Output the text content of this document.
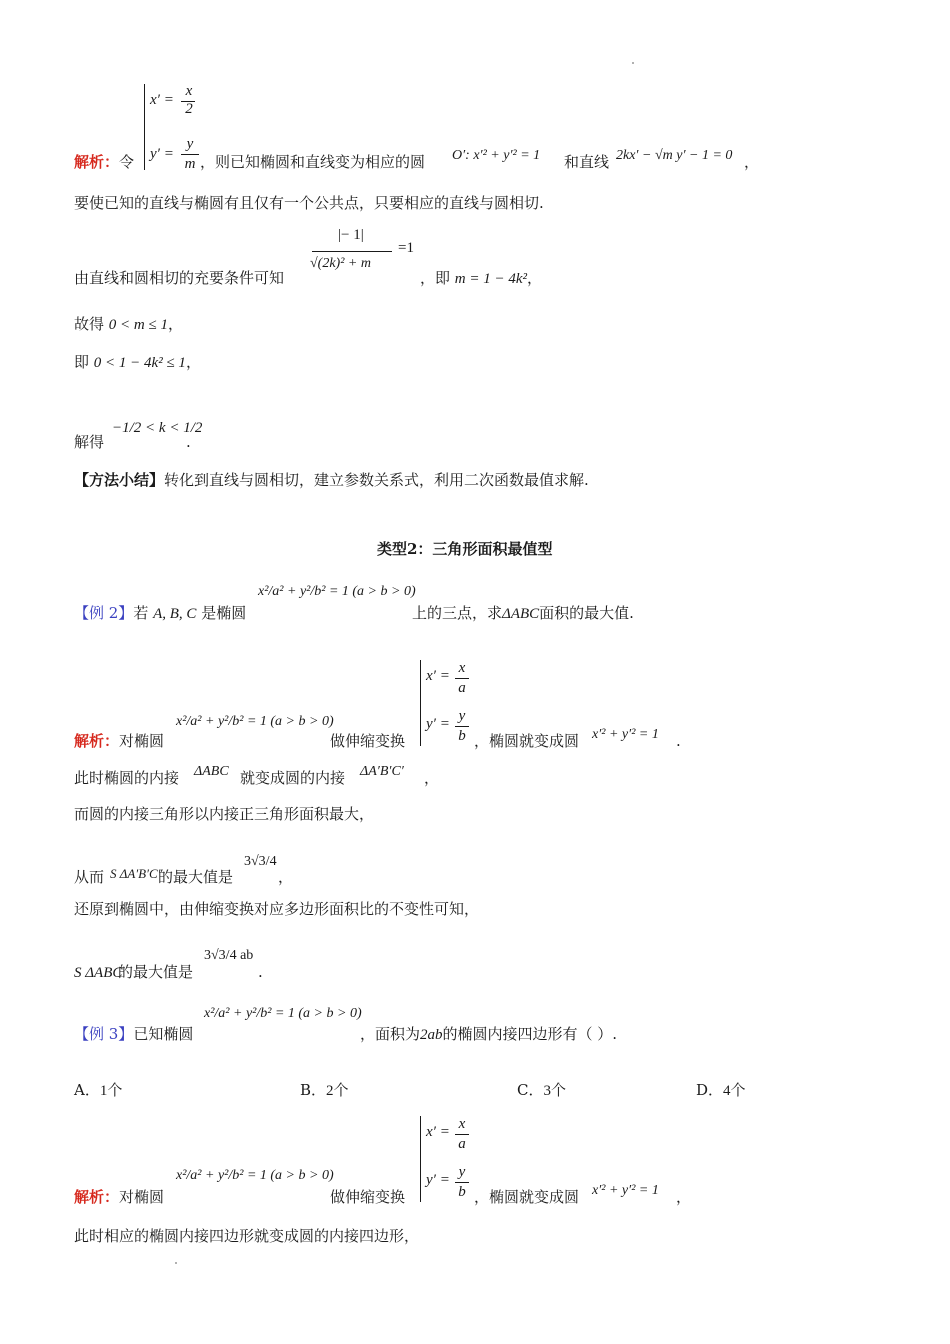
x′ =
x
2
y′ =
y
m
解析：令	，则已知椭圆和直线变为相应的圆 O′: x′² + y′² = 1 和直线 2kx′ − √m y′ − 1 = 0 ，
要使已知的直线与椭圆有且仅有一个公共点，只要相应的直线与圆相切.
|− 1|
√(2k)² + m
=1
由直线和圆相切的充要条件可知	，即 m = 1 − 4k²，
故得 0 < m ≤ 1，
即 0 < 1 − 4k² ≤ 1，
解得
−1/2 < k < 1/2
.
【方法小结】转化到直线与圆相切，建立参数关系式，利用二次函数最值求解.
类型2：三角形面积最值型
【例 2】若 A, B, C 是椭圆
x²/a² + y²/b² = 1 (a > b > 0)
上的三点，求ΔABC面积的最大值.
x′ = x
a
y′ = y
b
解析：对椭圆
x²/a² + y²/b² = 1 (a > b > 0)
做伸缩变换	，椭圆就变成圆 x′² + y′² = 1 .
此时椭圆的内接 ΔABC 就变成圆的内接 ΔA′B′C′ ，
而圆的内接三角形以内接正三角形面积最大，
从而 S ΔA′B′C′
的最大值是
3√3/4
，
还原到椭圆中，由伸缩变换对应多边形面积比的不变性可知，
S ΔABC
的最大值是
3√3/4 ab
.
【例 3】已知椭圆
x²/a² + y²/b² = 1 (a > b > 0)
，面积为2ab的椭圆内接四边形有（ ）.
A．1个	B．2个	C．3个	D．4个
x′ = x
a
y′ = y
b
解析：对椭圆
x²/a² + y²/b² = 1 (a > b > 0)
做伸缩变换	，椭圆就变成圆 x′² + y′² = 1 ，
此时相应的椭圆内接四边形就变成圆的内接四边形，
